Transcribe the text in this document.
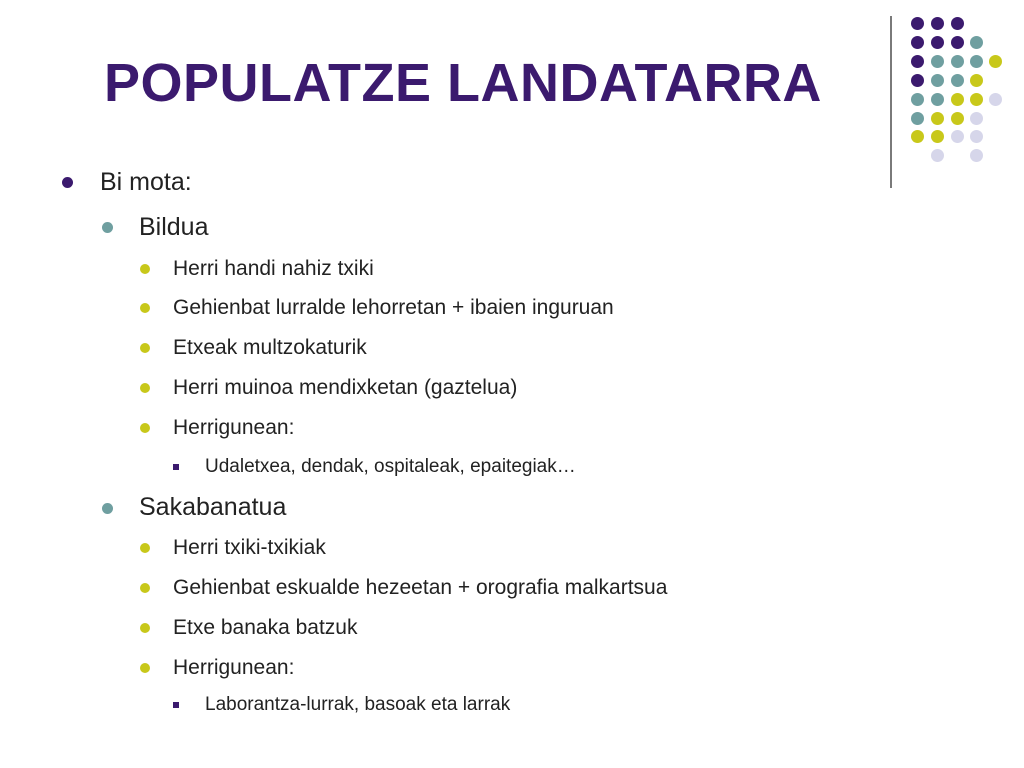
POPULATZE LANDATARRA
Bi mota:
Bildua
Herri handi nahiz txiki
Gehienbat lurralde lehorretan + ibaien inguruan
Etxeak multzokaturik
Herri muinoa mendixketan (gaztelua)
Herrigunean:
Udaletxea, dendak, ospitaleak, epaitegiak…
Sakabanatua
Herri txiki-txikiak
Gehienbat eskualde hezeetan + orografia malkartsua
Etxe banaka batzuk
Herrigunean:
Laborantza-lurrak, basoak eta larrak
